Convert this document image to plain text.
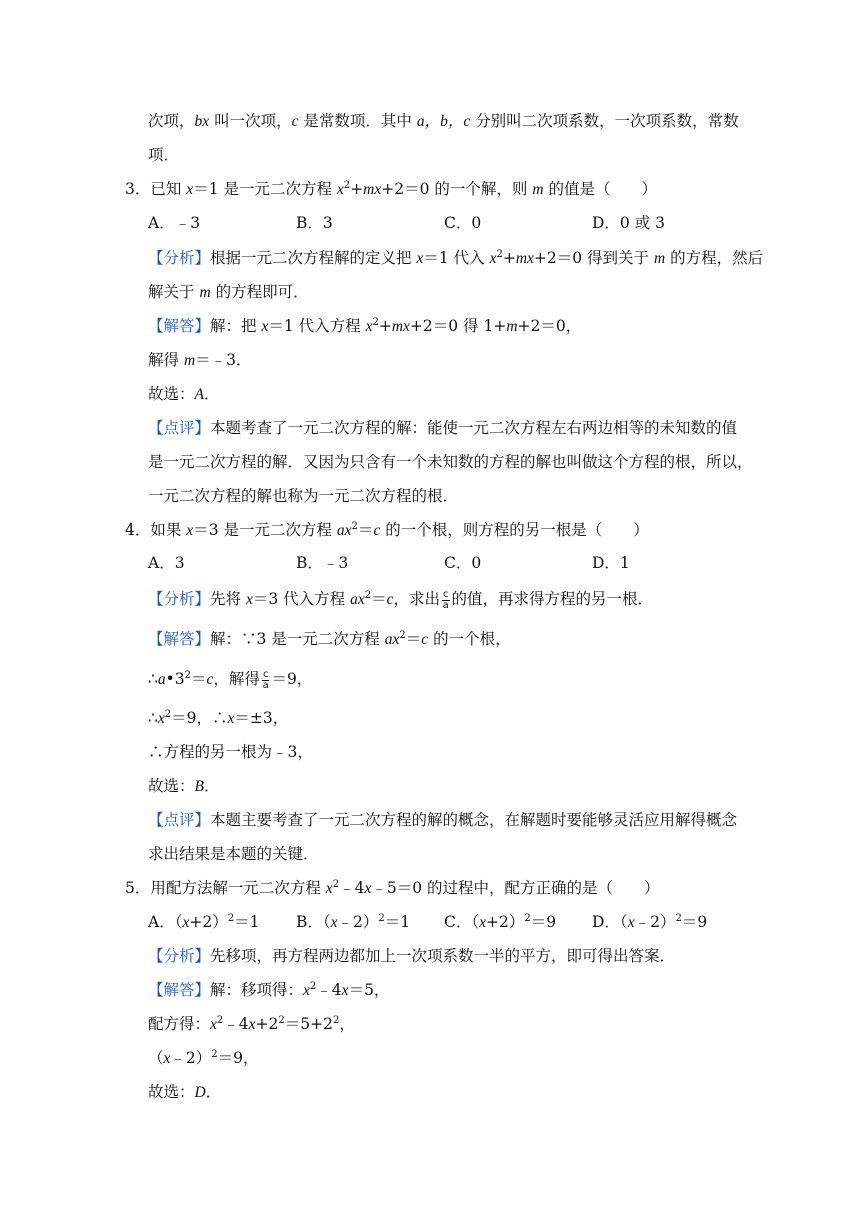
次项，bx 叫一次项，c 是常数项．其中 a，b，c 分别叫二次项系数，一次项系数，常数
项．
3．已知 x＝1 是一元二次方程 $x^2+mx+2=0$ 的一个解，则 m 的值是（　　）
A．﹣3	B．3	C．0	D．0 或 3
【分析】根据一元二次方程解的定义把 x＝1 代入 $x^2+mx+2=0$ 得到关于 m 的方程，然后
解关于 m 的方程即可．
【解答】解：把 x＝1 代入方程 $x^2+mx+2=0$ 得 1+m+2＝0，
解得 m＝﹣3．
故选：A．
【点评】本题考查了一元二次方程的解：能使一元二次方程左右两边相等的未知数的值
是一元二次方程的解．又因为只含有一个未知数的方程的解也叫做这个方程的根，所以，
一元二次方程的解也称为一元二次方程的根．
4．如果 x＝3 是一元二次方程 $ax^2=c$ 的一个根，则方程的另一根是（　　）
A．3	B．﹣3	C．0	D．1
【分析】先将 x＝3 代入方程 $ax^2=c$，求出 $\frac{c}{a}$ 的值，再求得方程的另一根．
【解答】解：∵3 是一元二次方程 $ax^2=c$ 的一个根，
$\therefore a•3^2=c$，解得 $\frac{c}{a} =9$，
$\therefore x^2=9$，∴x＝±3，
∴方程的另一根为﹣3，
故选：B．
【点评】本题主要考查了一元二次方程的解的概念，在解题时要能够灵活应用解得概念
求出结果是本题的关键．
5．用配方法解一元二次方程 $x^2﹣4x﹣5=0$ 的过程中，配方正确的是（　　）
A．$(x+2)^2=1$ B．（x﹣2）$^2$＝1 C．$(x+2)^2=9$ D．（x﹣2）$^2$＝9
【分析】先移项，再方程两边都加上一次项系数一半的平方，即可得出答案．
【解答】解：移项得：$x^2﹣4x=5$，
配方得：$x^2﹣4x+2^2=5+2^2$，
（x﹣2）$^2$＝9，
故选：D．
